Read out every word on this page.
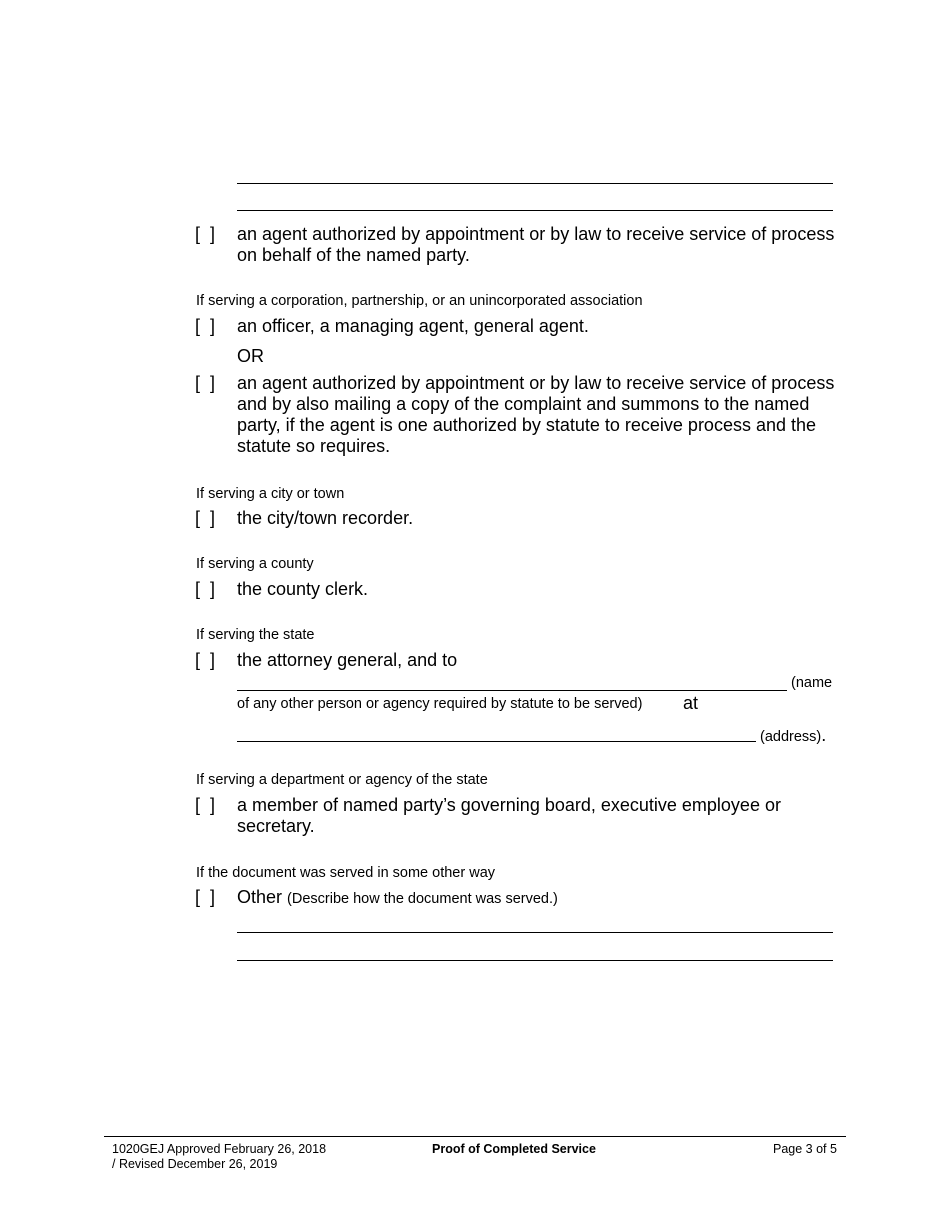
[  ] an agent authorized by appointment or by law to receive service of process on behalf of the named party.
If serving a corporation, partnership, or an unincorporated association
[  ] an officer, a managing agent, general agent.
OR
[  ] an agent authorized by appointment or by law to receive service of process and by also mailing a copy of the complaint and summons to the named party, if the agent is one authorized by statute to receive process and the statute so requires.
If serving a city or town
[  ] the city/town recorder.
If serving a county
[  ] the county clerk.
If serving the state
[  ] the attorney general, and to
(name
of any other person or agency required by statute to be served) at
(address).
If serving a department or agency of the state
[  ] a member of named party’s governing board, executive employee or secretary.
If the document was served in some other way
[  ] Other (Describe how the document was served.)
1020GEJ Approved February 26, 2018
/ Revised December 26, 2019
Proof of Completed Service	Page 3 of 5
